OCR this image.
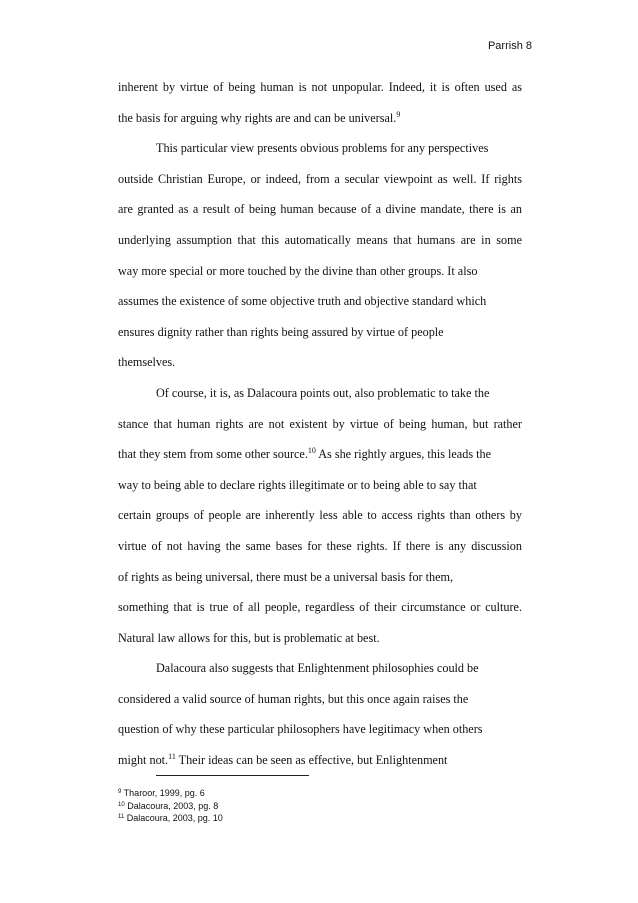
Parrish 8
inherent by virtue of being human is not unpopular. Indeed, it is often used as
the basis for arguing why rights are and can be universal.$^9$
This particular view presents obvious problems for any perspectives
outside Christian Europe, or indeed, from a secular viewpoint as well. If rights
are granted as a result of being human because of a divine mandate, there is an
underlying assumption that this automatically means that humans are in some
way more special or more touched by the divine than other groups. It also
assumes the existence of some objective truth and objective standard which
ensures dignity rather than rights being assured by virtue of people
themselves.
Of course, it is, as Dalacoura points out, also problematic to take the
stance that human rights are not existent by virtue of being human, but rather
that they stem from some other source.$^{10}$ As she rightly argues, this leads the
way to being able to declare rights illegitimate or to being able to say that
certain groups of people are inherently less able to access rights than others by
virtue of not having the same bases for these rights. If there is any discussion
of rights as being universal, there must be a universal basis for them,
something that is true of all people, regardless of their circumstance or culture.
Natural law allows for this, but is problematic at best.
Dalacoura also suggests that Enlightenment philosophies could be
considered a valid source of human rights, but this once again raises the
question of why these particular philosophers have legitimacy when others
might not.$^{11}$ Their ideas can be seen as effective, but Enlightenment
$^9$ Tharoor, 1999, pg. 6
$^{10}$ Dalacoura, 2003, pg. 8
$^{11}$ Dalacoura, 2003, pg. 10
